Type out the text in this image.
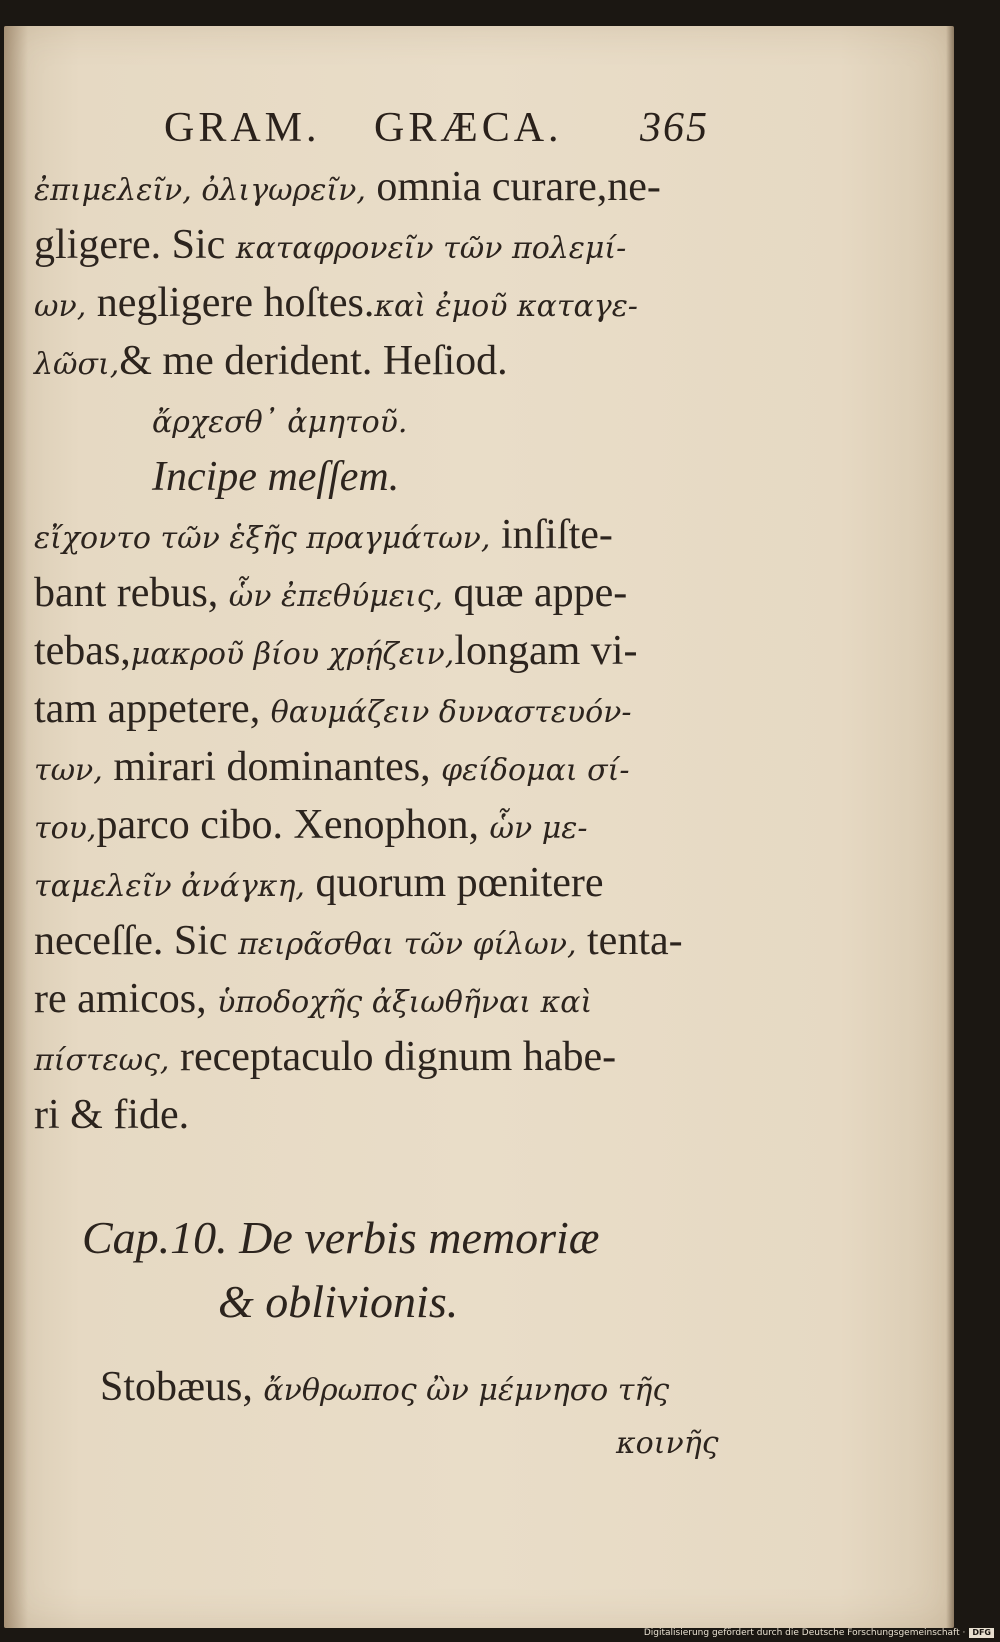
GRAM. GRÆCA. 365
ἐπιμελεῖν, ὀλιγωρεῖν, omnia curare,ne-
gligere. Sic καταφρονεῖν τῶν πολεμί-
ων, negligere hoſtes.καὶ ἐμοῦ καταγε-
λῶσι,& me derident. Heſiod.
ἄρχεσθ᾽ ἀμητοῦ.
Incipe meſſem.
εἴχοντο τῶν ἑξῆς πραγμάτων, inſiſte-
bant rebus, ὧν ἐπεθύμεις, quæ appe-
tebas,μακροῦ βίου χρῄζειν,longam vi-
tam appetere, θαυμάζειν δυναστευόν-
των, mirari dominantes, φείδομαι σί-
του,parco cibo. Xenophon, ὧν με-
ταμελεῖν ἀνάγκη, quorum pœnitere
neceſſe. Sic πειρᾶσθαι τῶν φίλων, tenta-
re amicos, ὑποδοχῆς ἀξιωθῆναι καὶ
πίστεως, receptaculo dignum habe-
ri & fide.
Cap.10. De verbis memoriæ
& oblivionis.
Stobæus, ἄνθρωπος ὢν μέμνησο τῆς
κοινῆς
Digitalisierung gefördert durch die Deutsche Forschungsgemeinschaft · DFG
